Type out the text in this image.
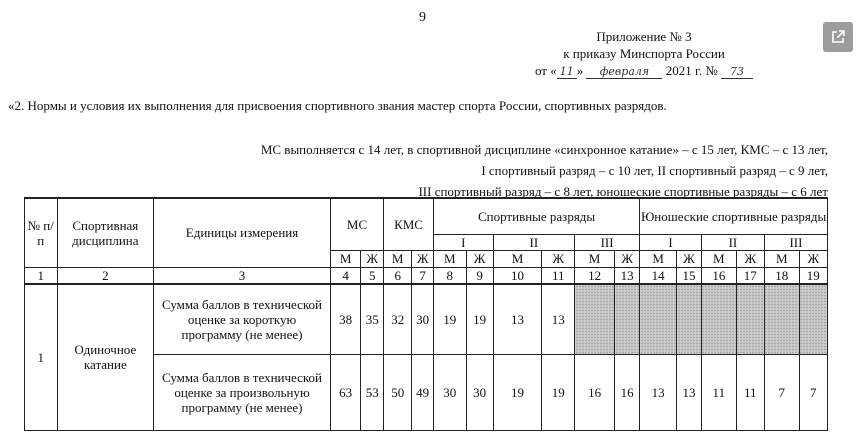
9
Приложение № 3
к приказу Минспорта России
от « 11 » февраля 2021 г. № 73
«2. Нормы и условия их выполнения для присвоения спортивного звания мастер спорта России, спортивных разрядов.
МС выполняется с 14 лет, в спортивной дисциплине «синхронное катание» – с 15 лет, КМС – с 13 лет,
I спортивный разряд – с 10 лет, II спортивный разряд – с 9 лет,
III спортивный разряд – с 8 лет, юношеские спортивные разряды – с 6 лет
№ п/п	Спортивная дисциплина	Единицы измерения	МС		КМС		Спортивные разряды						Юношеские спортивные разряды					
							I		II		III		I		II		III	
			М	Ж	М	Ж	М	Ж	М	Ж	М	Ж	М	Ж	М	Ж	М	Ж
1	2	3	4	5	6	7	8	9	10	11	12	13	14	15	16	17	18	19
1	Одиночное катание	Сумма баллов в технической оценке за короткую программу (не менее)	38	35	32	30	19	19	13	13								
		Сумма баллов в технической оценке за произвольную программу (не менее)	63	53	50	49	30	30	19	19	16	16	13	13	11	11	7	7
